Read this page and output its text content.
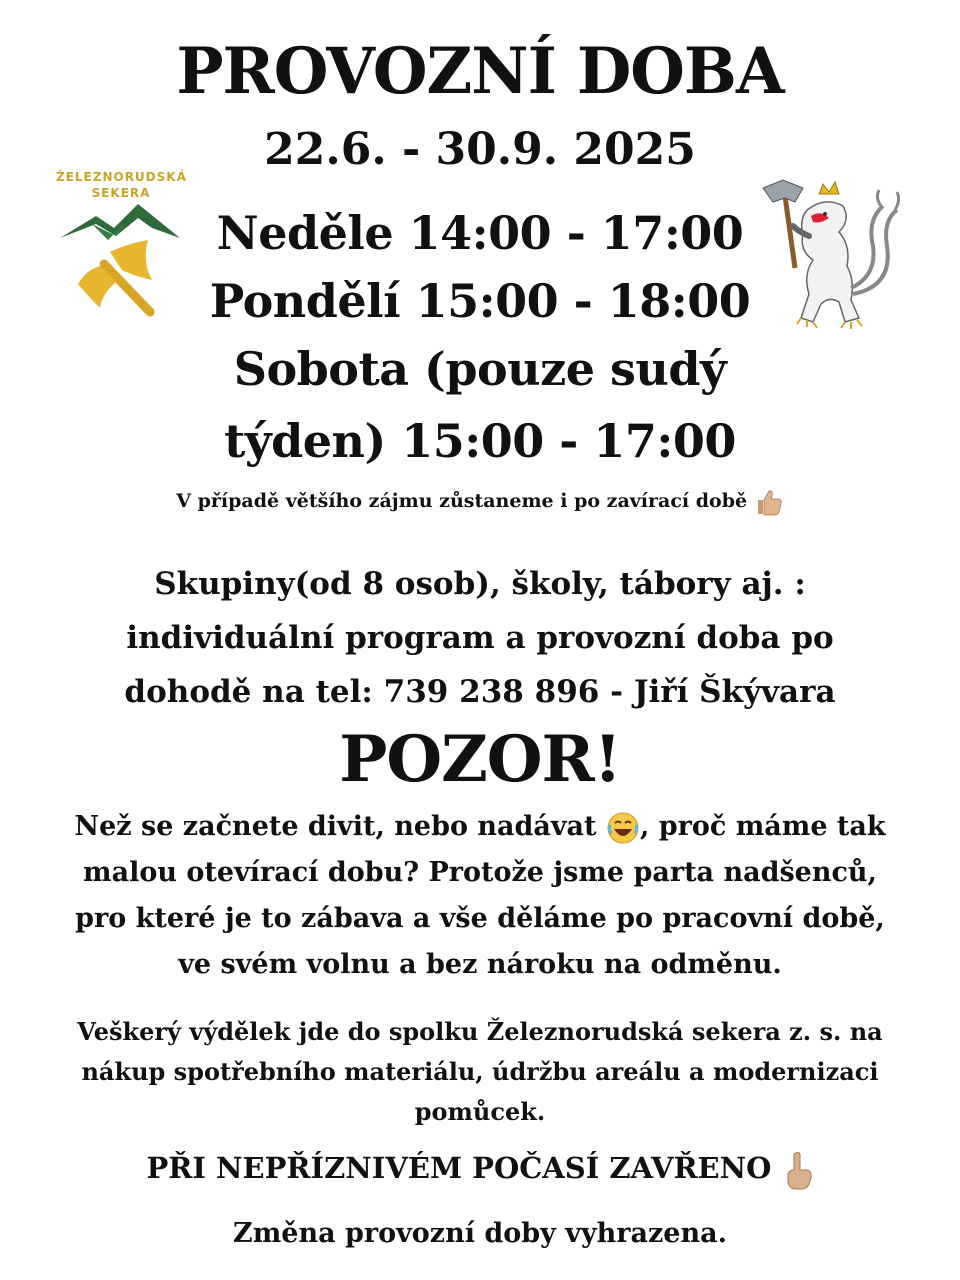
ŽELEZNORUDSKÁ
SEKERA
PROVOZNÍ DOBA
22.6. - 30.9. 2025
Neděle 14:00 - 17:00
Pondělí 15:00 - 18:00
Sobota (pouze sudý
týden) 15:00 - 17:00
V případě většího zájmu zůstaneme i po zavírací době
Skupiny(od 8 osob), školy, tábory aj. :
individuální program a provozní doba po
dohodě na tel: 739 238 896 - Jiří Škývara
POZOR!
Než se začnete divit, nebo nadávat , proč máme tak
malou otevírací dobu? Protože jsme parta nadšenců,
pro které je to zábava a vše děláme po pracovní době,
ve svém volnu a bez nároku na odměnu.
Veškerý výdělek jde do spolku Železnorudská sekera z. s. na
nákup spotřebního materiálu, údržbu areálu a modernizaci
pomůcek.
PŘI NEPŘÍZNIVÉM POČASÍ ZAVŘENO
Změna provozní doby vyhrazena.
